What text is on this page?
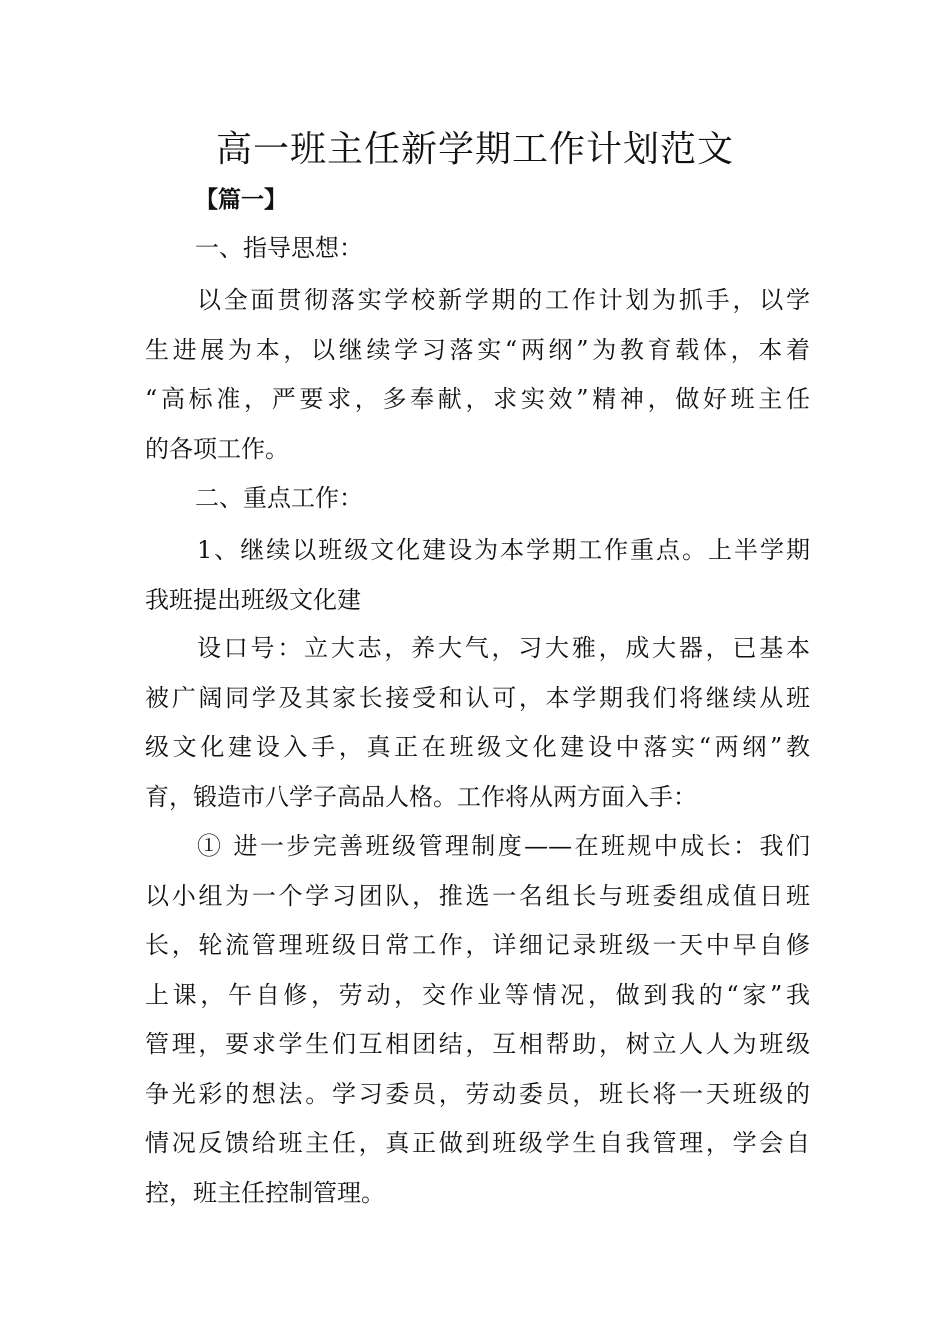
高一班主任新学期工作计划范文
【篇一】

一、指导思想：

以全面贯彻落实学校新学期的工作计划为抓手，以学
生进展为本，以继续学习落实“两纲”为教育载体，本着
“高标准，严要求，多奉献，求实效”精神，做好班主任
的各项工作。

二、重点工作：

1、继续以班级文化建设为本学期工作重点。上半学期
我班提出班级文化建
设口号：立大志，养大气，习大雅，成大器，已基本
被广阔同学及其家长接受和认可，本学期我们将继续从班
级文化建设入手，真正在班级文化建设中落实“两纲”教
育，锻造市八学子高品人格。工作将从两方面入手：
① 进一步完善班级管理制度——在班规中成长：我们
以小组为一个学习团队，推选一名组长与班委组成值日班
长，轮流管理班级日常工作，详细记录班级一天中早自修
上课，午自修，劳动，交作业等情况，做到我的“家”我
管理，要求学生们互相团结，互相帮助，树立人人为班级
争光彩的想法。学习委员，劳动委员，班长将一天班级的
情况反馈给班主任，真正做到班级学生自我管理，学会自
控，班主任控制管理。
